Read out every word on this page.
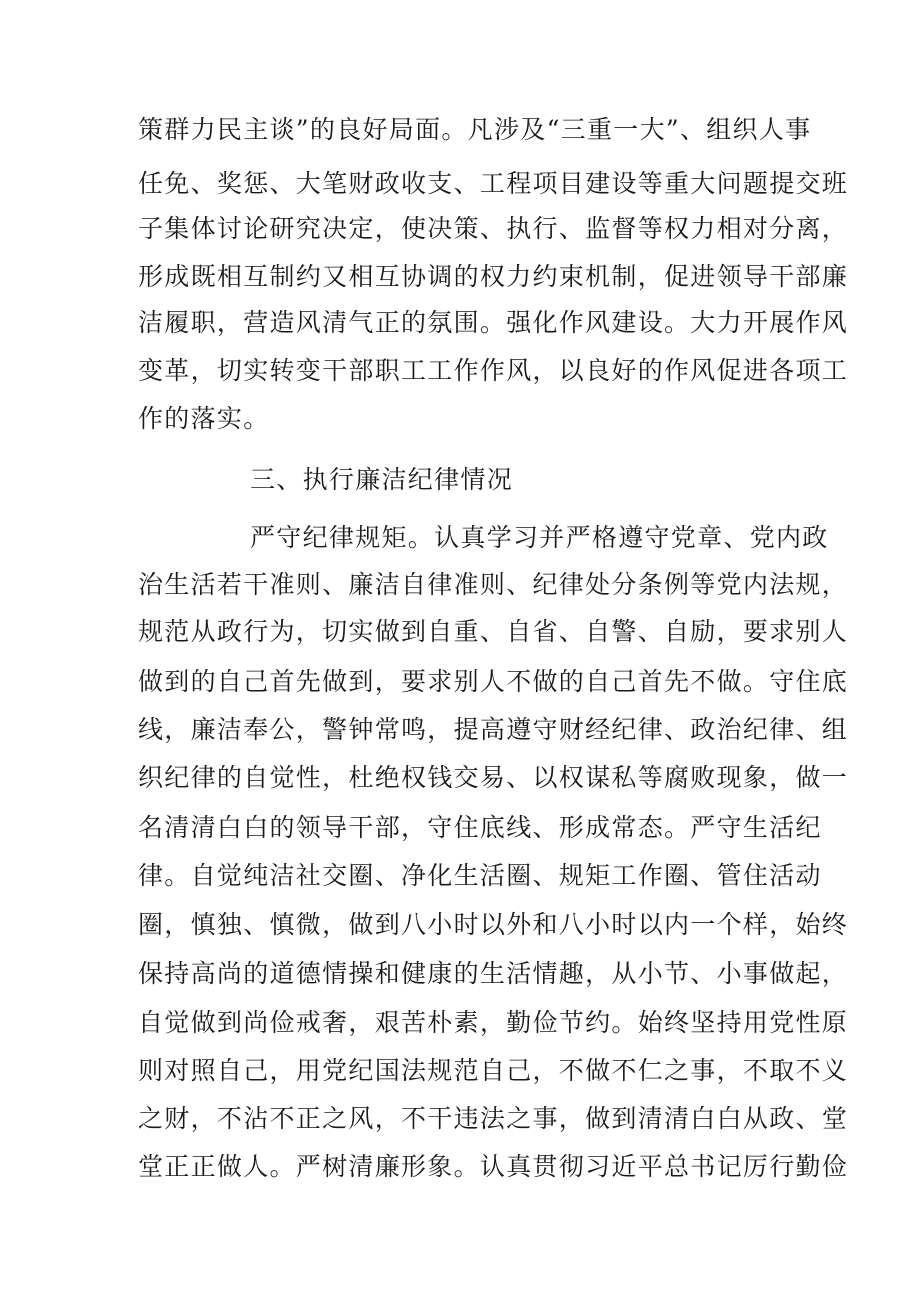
策群力民主谈”的良好局面。凡涉及“三重一大”、组织人事
任免、奖惩、大笔财政收支、工程项目建设等重大问题提交班
子集体讨论研究决定，使决策、执行、监督等权力相对分离，
形成既相互制约又相互协调的权力约束机制，促进领导干部廉
洁履职，营造风清气正的氛围。强化作风建设。大力开展作风
变革，切实转变干部职工工作作风，以良好的作风促进各项工
作的落实。
三、执行廉洁纪律情况
严守纪律规矩。认真学习并严格遵守党章、党内政
治生活若干准则、廉洁自律准则、纪律处分条例等党内法规，
规范从政行为，切实做到自重、自省、自警、自励，要求别人
做到的自己首先做到，要求别人不做的自己首先不做。守住底
线，廉洁奉公，警钟常鸣，提高遵守财经纪律、政治纪律、组
织纪律的自觉性，杜绝权钱交易、以权谋私等腐败现象，做一
名清清白白的领导干部，守住底线、形成常态。严守生活纪
律。自觉纯洁社交圈、净化生活圈、规矩工作圈、管住活动
圈，慎独、慎微，做到八小时以外和八小时以内一个样，始终
保持高尚的道德情操和健康的生活情趣，从小节、小事做起，
自觉做到尚俭戒奢，艰苦朴素，勤俭节约。始终坚持用党性原
则对照自己，用党纪国法规范自己，不做不仁之事，不取不义
之财，不沾不正之风，不干违法之事，做到清清白白从政、堂
堂正正做人。严树清廉形象。认真贯彻习近平总书记厉行勤俭
